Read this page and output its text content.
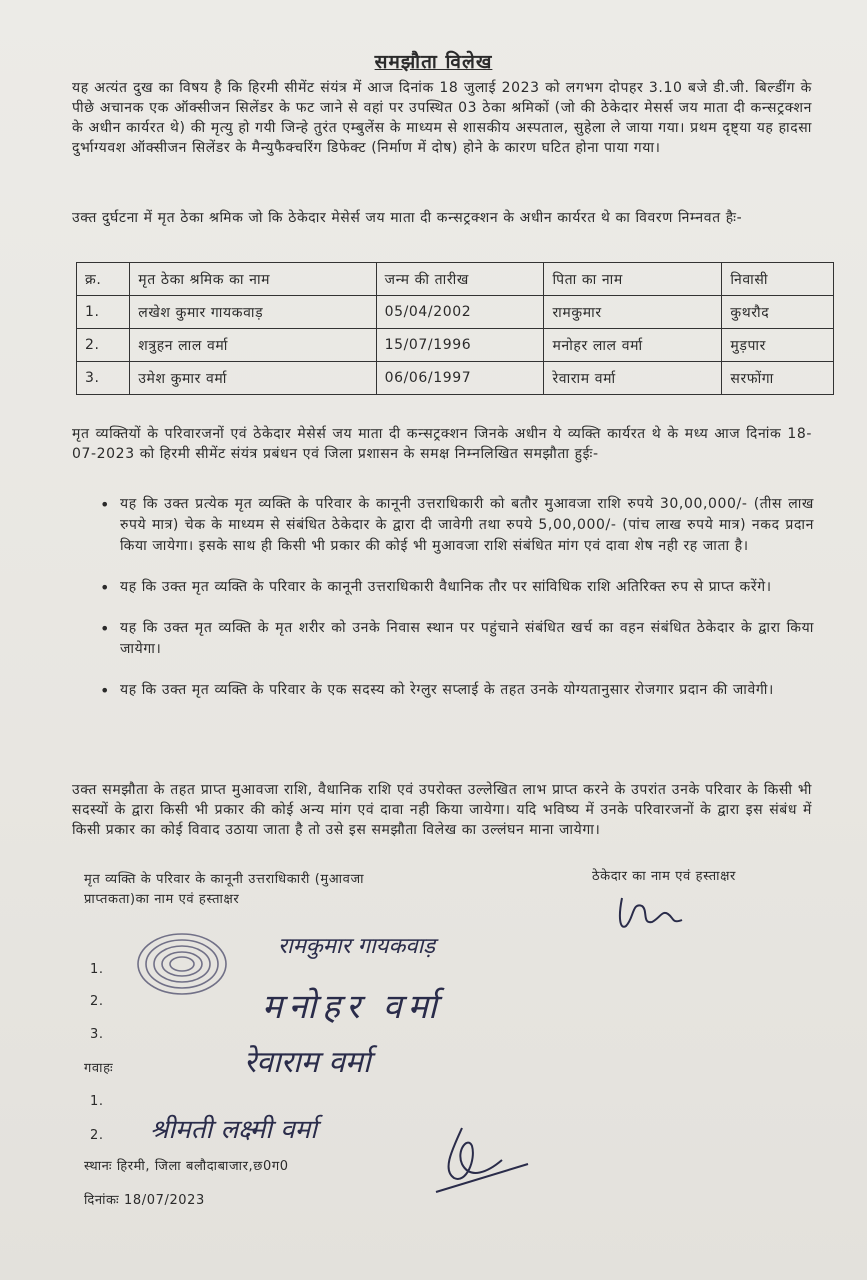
समझौता विलेख
यह अत्यंत दुख का विषय है कि हिरमी सीमेंट संयंत्र में आज दिनांक 18 जुलाई 2023 को लगभग दोपहर 3.10 बजे डी.जी. बिल्डींग के पीछे अचानक एक ऑक्सीजन सिलेंडर के फट जाने से वहां पर उपस्थित 03 ठेका श्रमिकों (जो की ठेकेदार मेसर्स जय माता दी कन्सट्रक्शन के अधीन कार्यरत थे) की मृत्यु हो गयी जिन्हे तुरंत एम्बुलेंस के माध्यम से शासकीय अस्पताल, सुहेला ले जाया गया। प्रथम दृष्ट्या यह हादसा दुर्भाग्यवश ऑक्सीजन सिलेंडर के मैन्युफैक्चरिंग डिफेक्ट (निर्माण में दोष) होने के कारण घटित होना पाया गया।
उक्त दुर्घटना में मृत ठेका श्रमिक जो कि ठेकेदार मेसेर्स जय माता दी कन्सट्रक्शन के अधीन कार्यरत थे का विवरण निम्नवत हैः-
क्र.	मृत ठेका श्रमिक का नाम	जन्म की तारीख	पिता का नाम	निवासी
1.	लखेश कुमार गायकवाड़	05/04/2002	रामकुमार	कुथरौद
2.	शत्रुहन लाल वर्मा	15/07/1996	मनोहर लाल वर्मा	मुड़पार
3.	उमेश कुमार वर्मा	06/06/1997	रेवाराम वर्मा	सरफोंगा
मृत व्यक्तियों के परिवारजनों एवं ठेकेदार मेसेर्स जय माता दी कन्सट्रक्शन जिनके अधीन ये व्यक्ति कार्यरत थे के मध्य आज दिनांक 18-07-2023 को हिरमी सीमेंट संयंत्र प्रबंधन एवं जिला प्रशासन के समक्ष निम्नलिखित समझौता हुईः-
• यह कि उक्त प्रत्येक मृत व्यक्ति के परिवार के कानूनी उत्तराधिकारी को बतौर मुआवजा राशि रुपये 30,00,000/- (तीस लाख रुपये मात्र) चेक के माध्यम से संबंधित ठेकेदार के द्वारा दी जावेगी तथा रुपये 5,00,000/- (पांच लाख रुपये मात्र) नकद प्रदान किया जायेगा। इसके साथ ही किसी भी प्रकार की कोई भी मुआवजा राशि संबंधित मांग एवं दावा शेष नही रह जाता है।
• यह कि उक्त मृत व्यक्ति के परिवार के कानूनी उत्तराधिकारी वैधानिक तौर पर सांविधिक राशि अतिरिक्त रुप से प्राप्त करेंगे।
• यह कि उक्त मृत व्यक्ति के मृत शरीर को उनके निवास स्थान पर पहुंचाने संबंधित खर्च का वहन संबंधित ठेकेदार के द्वारा किया जायेगा।
• यह कि उक्त मृत व्यक्ति के परिवार के एक सदस्य को रेग्लुर सप्लाई के तहत उनके योग्यतानुसार रोजगार प्रदान की जावेगी।
उक्त समझौता के तहत प्राप्त मुआवजा राशि, वैधानिक राशि एवं उपरोक्त उल्लेखित लाभ प्राप्त करने के उपरांत उनके परिवार के किसी भी सदस्यों के द्वारा किसी भी प्रकार की कोई अन्य मांग एवं दावा नही किया जायेगा। यदि भविष्य में उनके परिवारजनों के द्वारा इस संबंध में किसी प्रकार का कोई विवाद उठाया जाता है तो उसे इस समझौता विलेख का उल्लंघन माना जायेगा।
मृत व्यक्ति के परिवार के कानूनी उत्तराधिकारी (मुआवजा प्राप्तकता)का नाम एवं हस्ताक्षर
ठेकेदार का नाम एवं हस्ताक्षर
1.
2.
3.
रामकुमार गायकवाड़
मनोहर वर्मा
रेवाराम वर्मा
गवाहः
1.
2. श्रीमती लक्ष्मी वर्मा
स्थानः हिरमी, जिला बलौदाबाजार,छ0ग0
दिनांकः 18/07/2023
